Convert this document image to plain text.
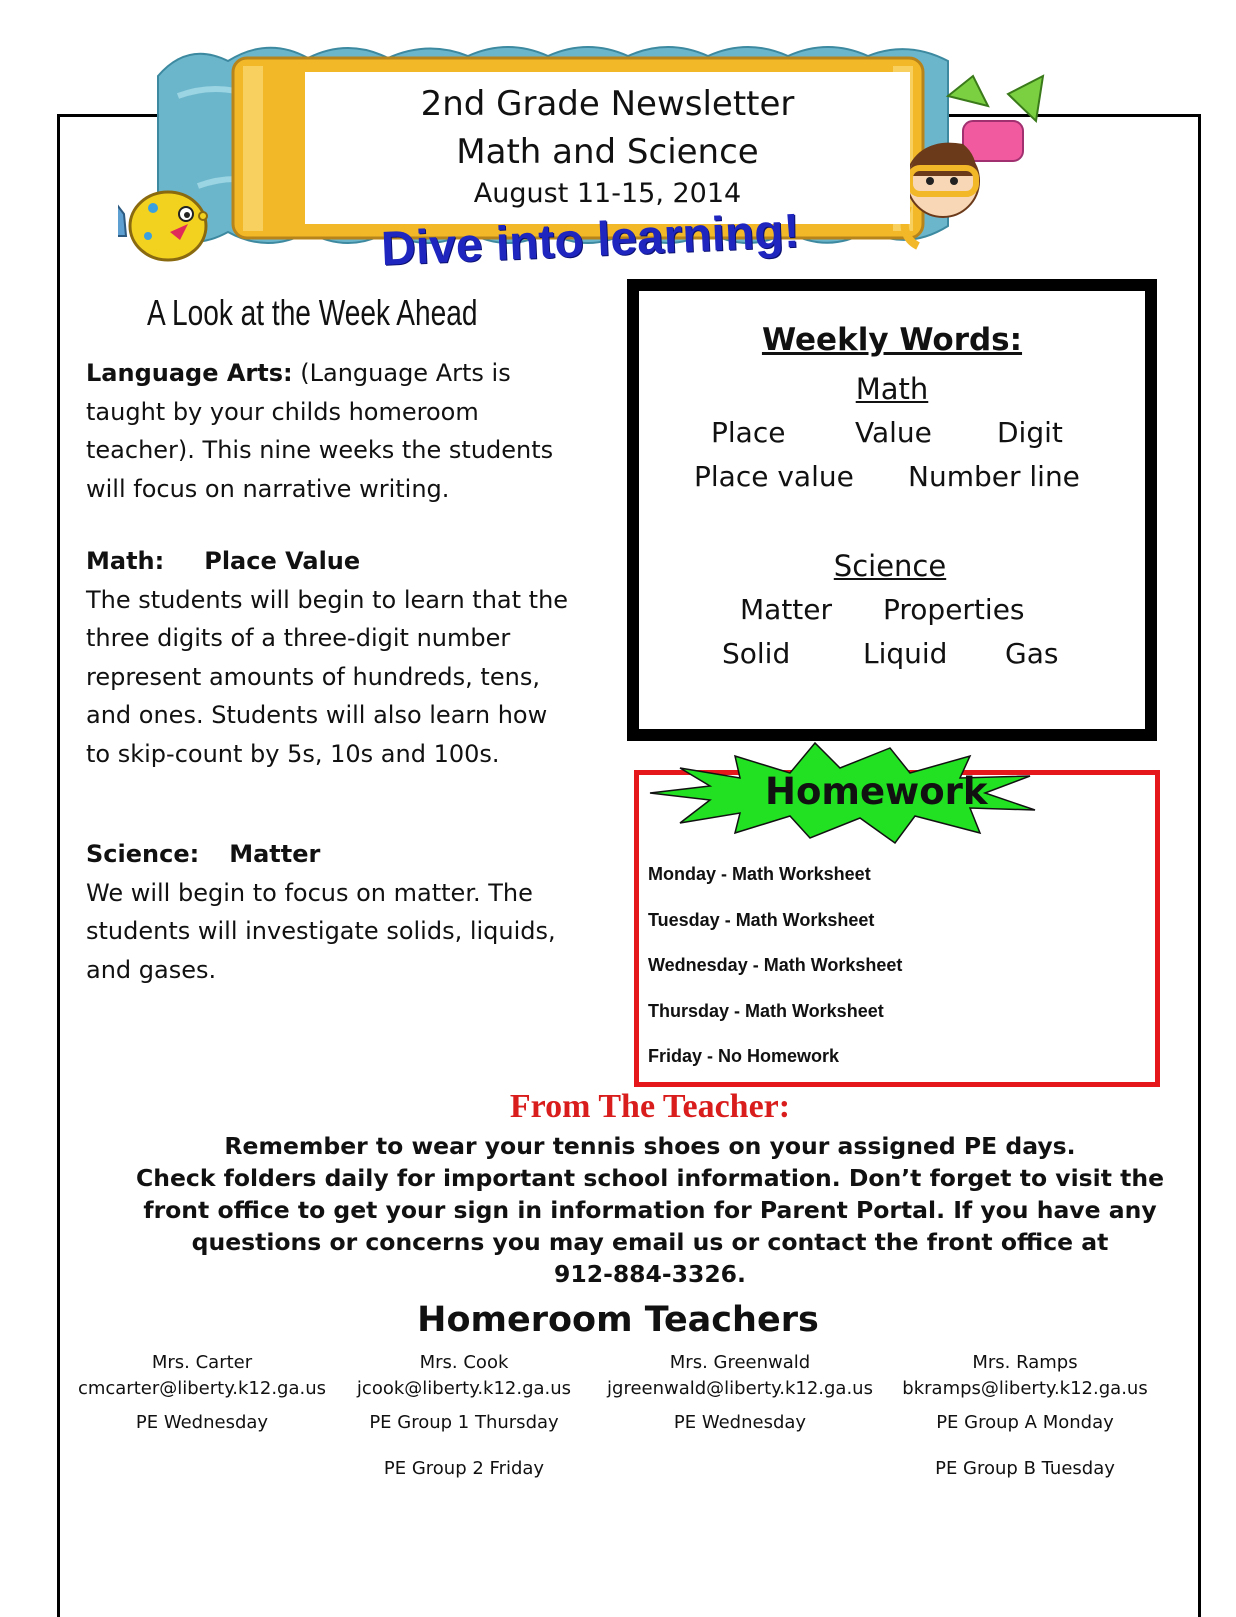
2nd Grade Newsletter
Math and Science
August 11-15, 2014
Dive into learning!
A Look at the Week Ahead
Language Arts: (Language Arts is
taught by your childs homeroom
teacher). This nine weeks the students
will focus on narrative writing.
Math: Place Value
The students will begin to learn that the
three digits of a three-digit number
represent amounts of hundreds, tens,
and ones. Students will also learn how
to skip-count by 5s, 10s and 100s.
Science: Matter
We will begin to focus on matter. The
students will investigate solids, liquids,
and gases.
Weekly Words:
Math
Place Value Digit
Place value Number line
Science
Matter Properties
Solid	Liquid Gas
Homework
Monday - Math Worksheet
Tuesday - Math Worksheet
Wednesday - Math Worksheet
Thursday - Math Worksheet
Friday - No Homework
From The Teacher:
Remember to wear your tennis shoes on your assigned PE days.
Check folders daily for important school information. Don’t forget to visit the
front office to get your sign in information for Parent Portal. If you have any
questions or concerns you may email us or contact the front office at
912-884-3326.
Homeroom Teachers
Mrs. Carter
cmcarter@liberty.k12.ga.us
PE Wednesday
Mrs. Cook
jcook@liberty.k12.ga.us
PE Group 1 Thursday
PE Group 2 Friday
Mrs. Greenwald
jgreenwald@liberty.k12.ga.us
PE Wednesday
Mrs. Ramps
bkramps@liberty.k12.ga.us
PE Group A Monday
PE Group B Tuesday
